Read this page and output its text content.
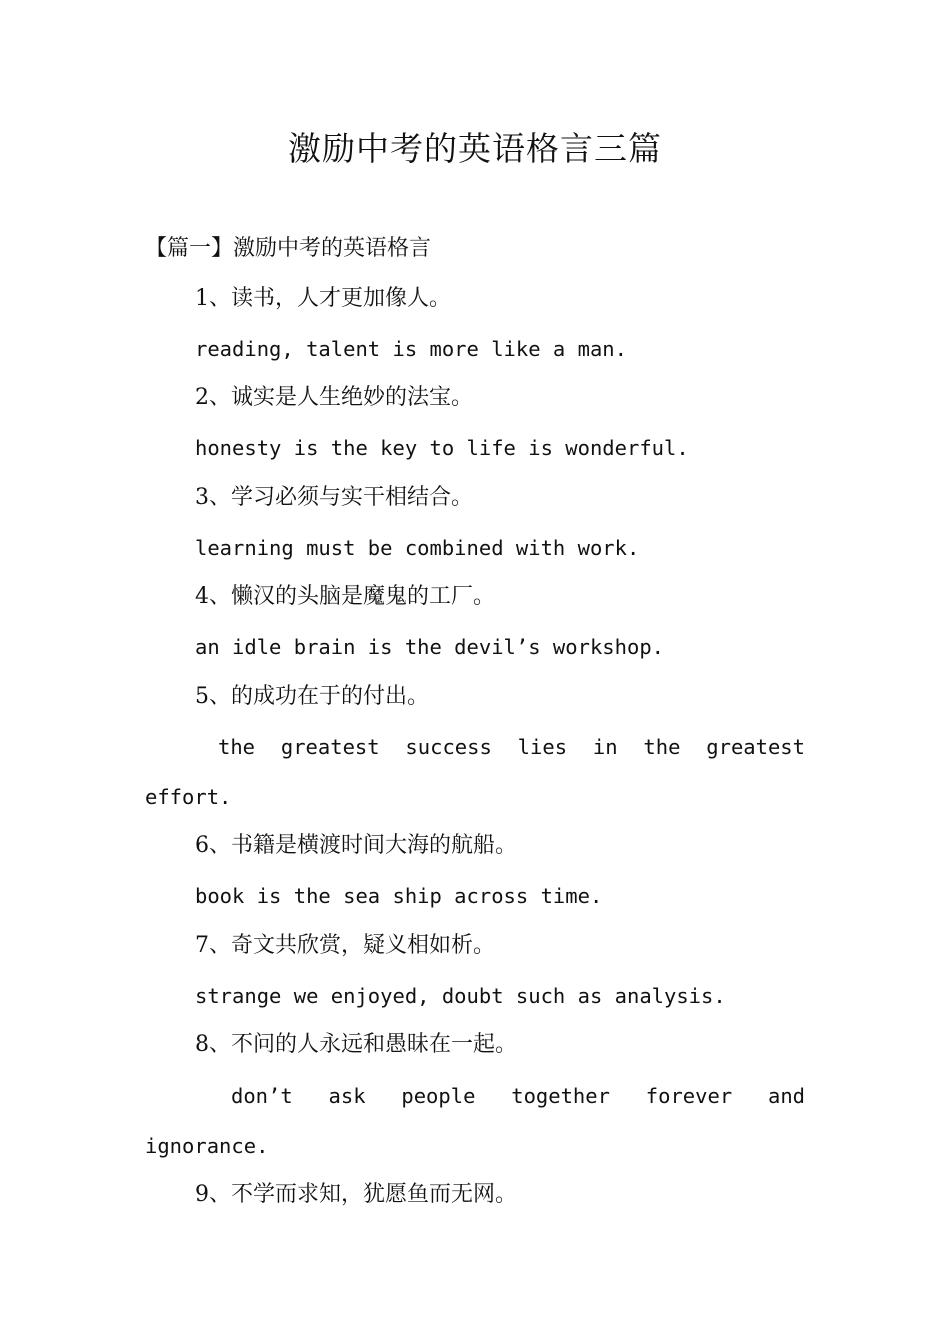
激励中考的英语格言三篇
【篇一】激励中考的英语格言
1、读书，人才更加像人。
reading, talent is more like a man.
2、诚实是人生绝妙的法宝。
honesty is the key to life is wonderful.
3、学习必须与实干相结合。
learning must be combined with work.
4、懒汉的头脑是魔鬼的工厂。
an idle brain is the devil’s workshop.
5、的成功在于的付出。
the greatest success lies in the greatest
effort.
6、书籍是横渡时间大海的航船。
book is the sea ship across time.
7、奇文共欣赏，疑义相如析。
strange we enjoyed, doubt such as analysis.
8、不问的人永远和愚昧在一起。
don’t ask people together forever and
ignorance.
9、不学而求知，犹愿鱼而无网。
